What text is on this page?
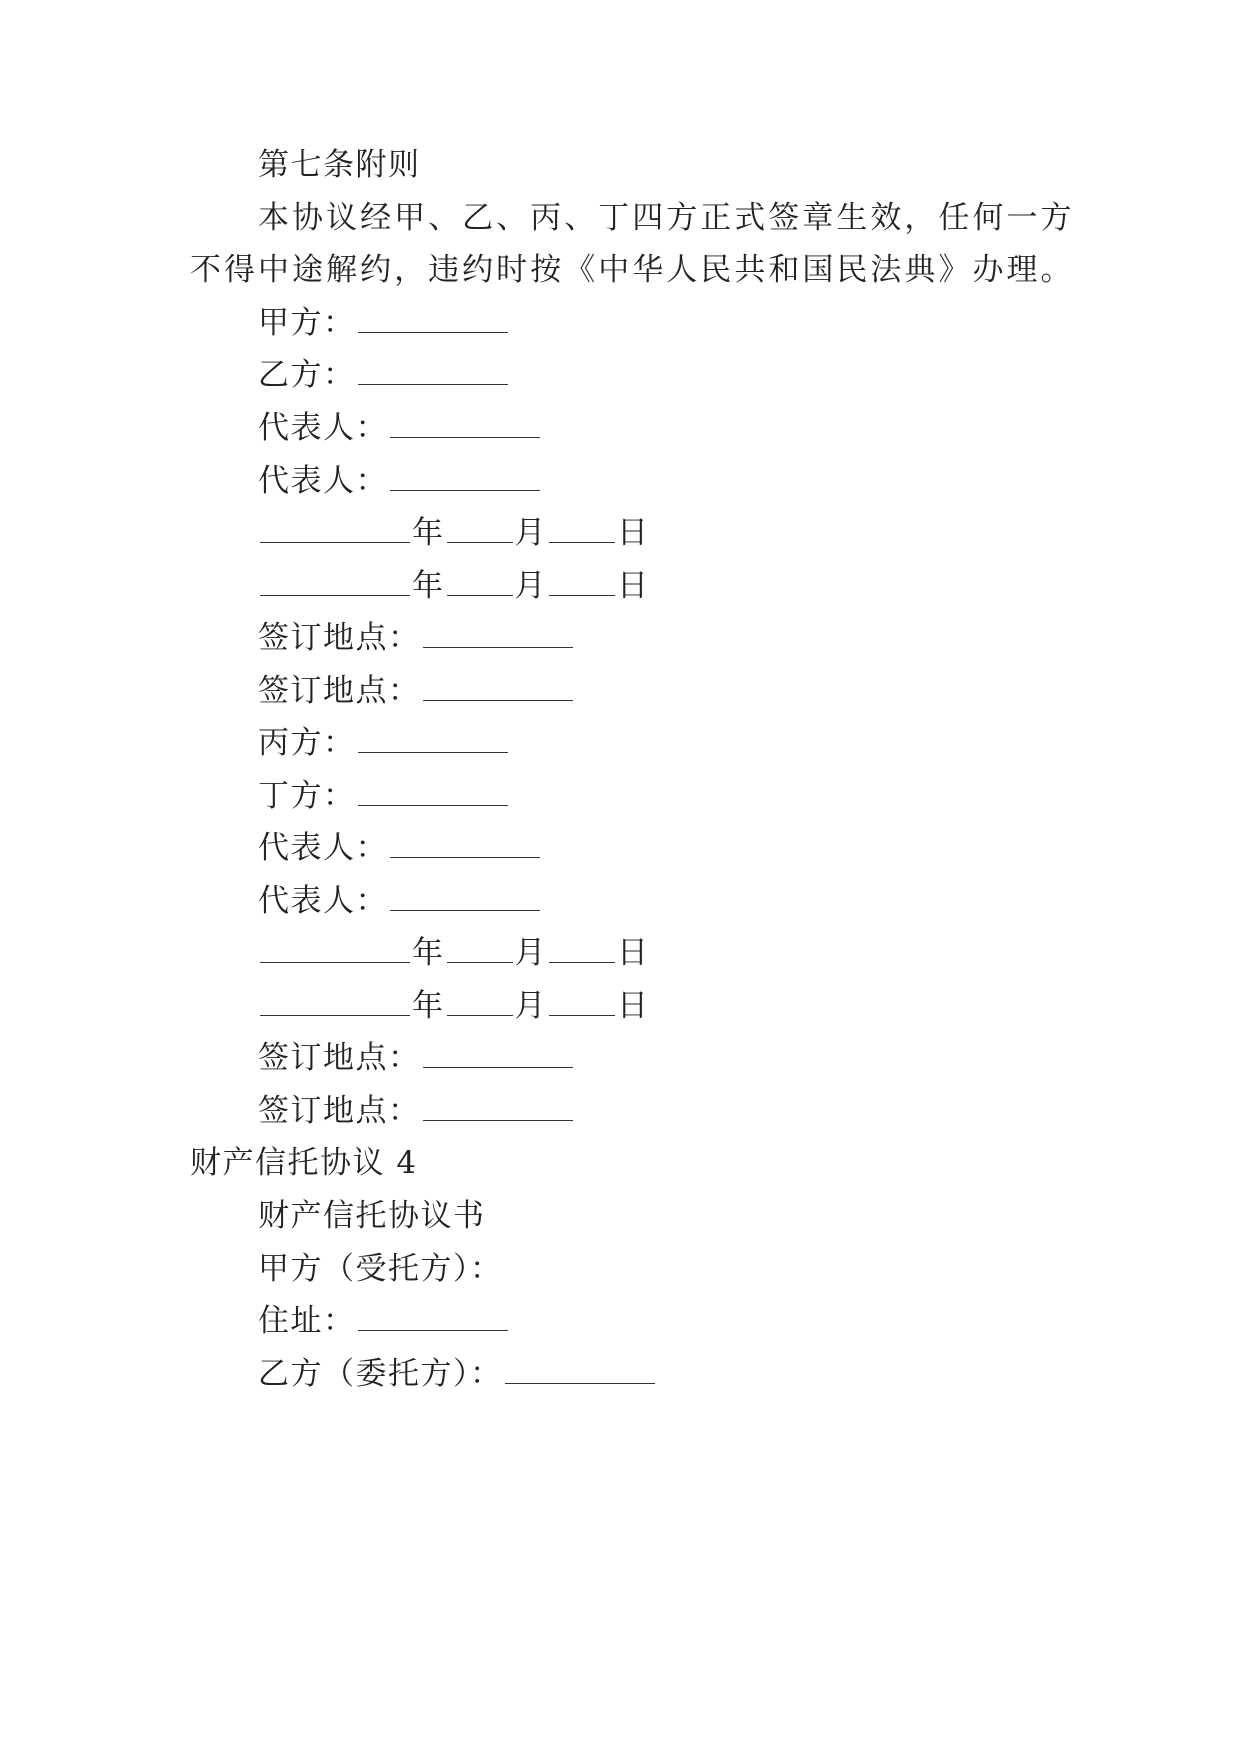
第七条附则
本协议经甲、乙、丙、丁四方正式签章生效，任何一方
不得中途解约，违约时按《中华人民共和国民法典》办理。
甲方：
乙方：
代表人：
代表人：
年 月 日
年 月 日
签订地点：
签订地点：
丙方：
丁方：
代表人：
代表人：
年 月 日
年 月 日
签订地点：
签订地点：
财产信托协议 4
财产信托协议书
甲方（受托方）：
住址：
乙方（委托方）：
